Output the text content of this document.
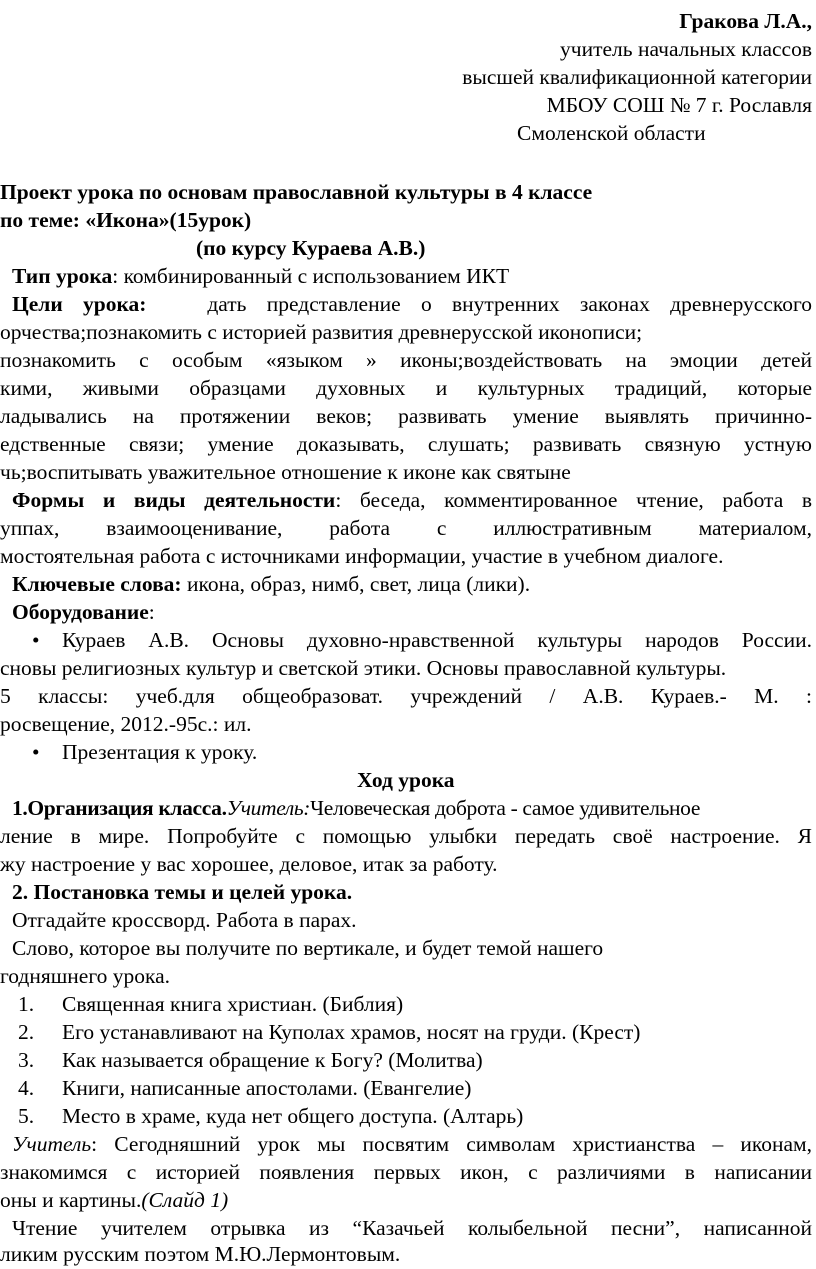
Гракова Л.А.,
учитель начальных классов
высшей квалификационной категории
МБОУ СОШ № 7 г. Рославля
Смоленской области
Проект урока по основам православной культуры в 4 классе
по теме: «Икона»(15урок)
(по курсу Кураева А.В.)
Тип урока: комбинированный с использованием ИКТ
Цели урока:	дать представление о внутренних законах древнерусского
орчества;познакомить с историей развития древнерусской иконописи;
познакомить с особым «языком » иконы;воздействовать на эмоции детей
кими, живыми образцами духовных и культурных традиций, которые
ладывались на протяжении веков; развивать умение выявлять причинно-
едственные связи; умение доказывать, слушать; развивать связную устную
чь;воспитывать уважительное отношение к иконе как святыне
Формы и виды деятельности: беседа, комментированное чтение, работа в
уппах, взаимооценивание, работа с иллюстративным материалом,
мостоятельная работа с источниками информации, участие в учебном диалоге.
Ключевые слова: икона, образ, нимб, свет, лица (лики).
Оборудование:
• Кураев А.В. Основы духовно-нравственной культуры народов России.
сновы религиозных культур и светской этики. Основы православной культуры.
5 классы: учеб.для общеобразоват. учреждений / А.В. Кураев.- М. :
росвещение, 2012.-95с.: ил.
• Презентация к уроку.
Ход урока
1.Организация класса.Учитель:Человеческая доброта - самое удивительное
ление в мире. Попробуйте с помощью улыбки передать своё настроение. Я
жу настроение у вас хорошее, деловое, итак за работу.
2. Постановка темы и целей урока.
Отгадайте кроссворд. Работа в парах.
Слово, которое вы получите по вертикале, и будет темой нашего
годняшнего урока.
1. Священная книга христиан. (Библия)
2. Его устанавливают на Куполах храмов, носят на груди. (Крест)
3. Как называется обращение к Богу? (Молитва)
4. Книги, написанные апостолами. (Евангелие)
5. Место в храме, куда нет общего доступа. (Алтарь)
Учитель: Сегодняшний урок мы посвятим символам христианства – иконам,
знакомимся с историей появления первых икон, с различиями в написании
оны и картины.(Слайд 1)
Чтение учителем отрывка из “Казачьей колыбельной песни”, написанной
ликим русским поэтом М.Ю.Лермонтовым.
